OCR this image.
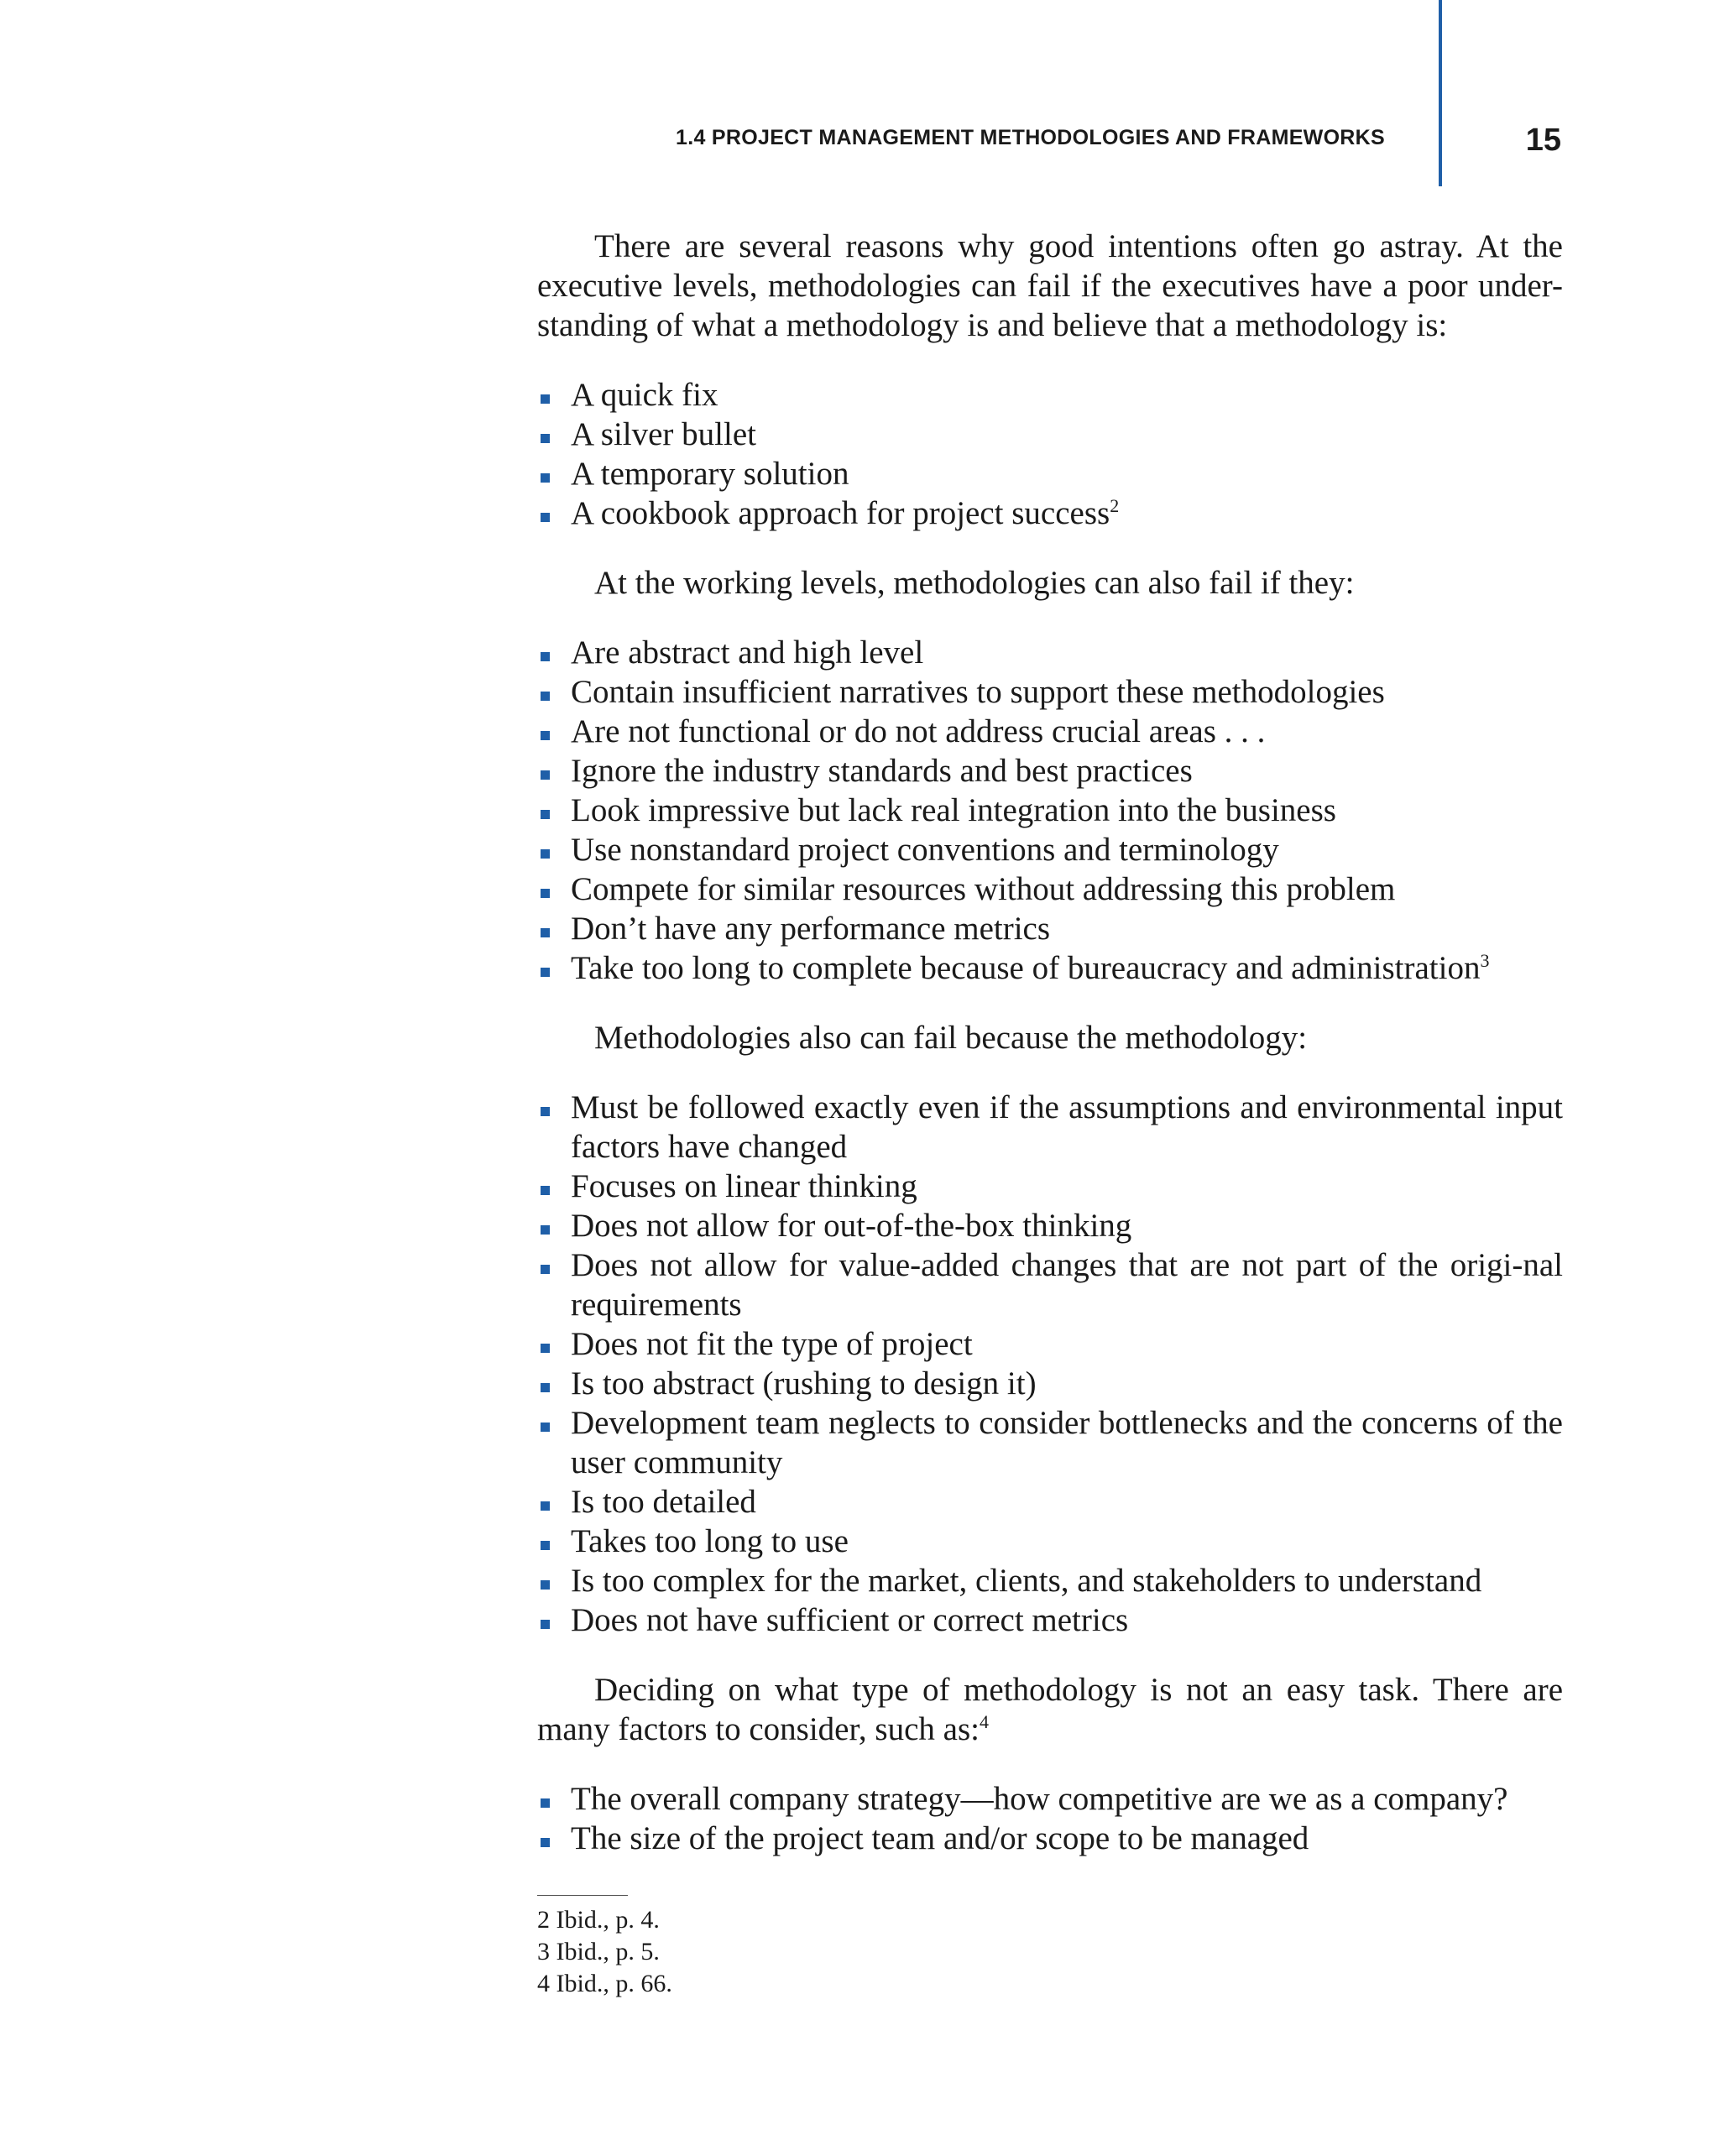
1.4 PROJECT MANAGEMENT METHODOLOGIES AND FRAMEWORKS	15

There are several reasons why good intentions often go astray. At the executive levels, methodologies can fail if the executives have a poor under-standing of what a methodology is and believe that a methodology is:

A quick fix
A silver bullet
A temporary solution
A cookbook approach for project success$^2$

At the working levels, methodologies can also fail if they:

Are abstract and high level
Contain insufficient narratives to support these methodologies
Are not functional or do not address crucial areas . . .
Ignore the industry standards and best practices
Look impressive but lack real integration into the business
Use nonstandard project conventions and terminology
Compete for similar resources without addressing this problem
Don’t have any performance metrics
Take too long to complete because of bureaucracy and administration$^3$

Methodologies also can fail because the methodology:

Must be followed exactly even if the assumptions and environmental input factors have changed
Focuses on linear thinking
Does not allow for out-of-the-box thinking
Does not allow for value-added changes that are not part of the origi-nal requirements
Does not fit the type of project
Is too abstract (rushing to design it)
Development team neglects to consider bottlenecks and the concerns of the user community
Is too detailed
Takes too long to use
Is too complex for the market, clients, and stakeholders to understand
Does not have sufficient or correct metrics

Deciding on what type of methodology is not an easy task. There are many factors to consider, such as:$^4$

The overall company strategy—how competitive are we as a company?
The size of the project team and/or scope to be managed
2 Ibid., p. 4.
3 Ibid., p. 5.
4 Ibid., p. 66.
